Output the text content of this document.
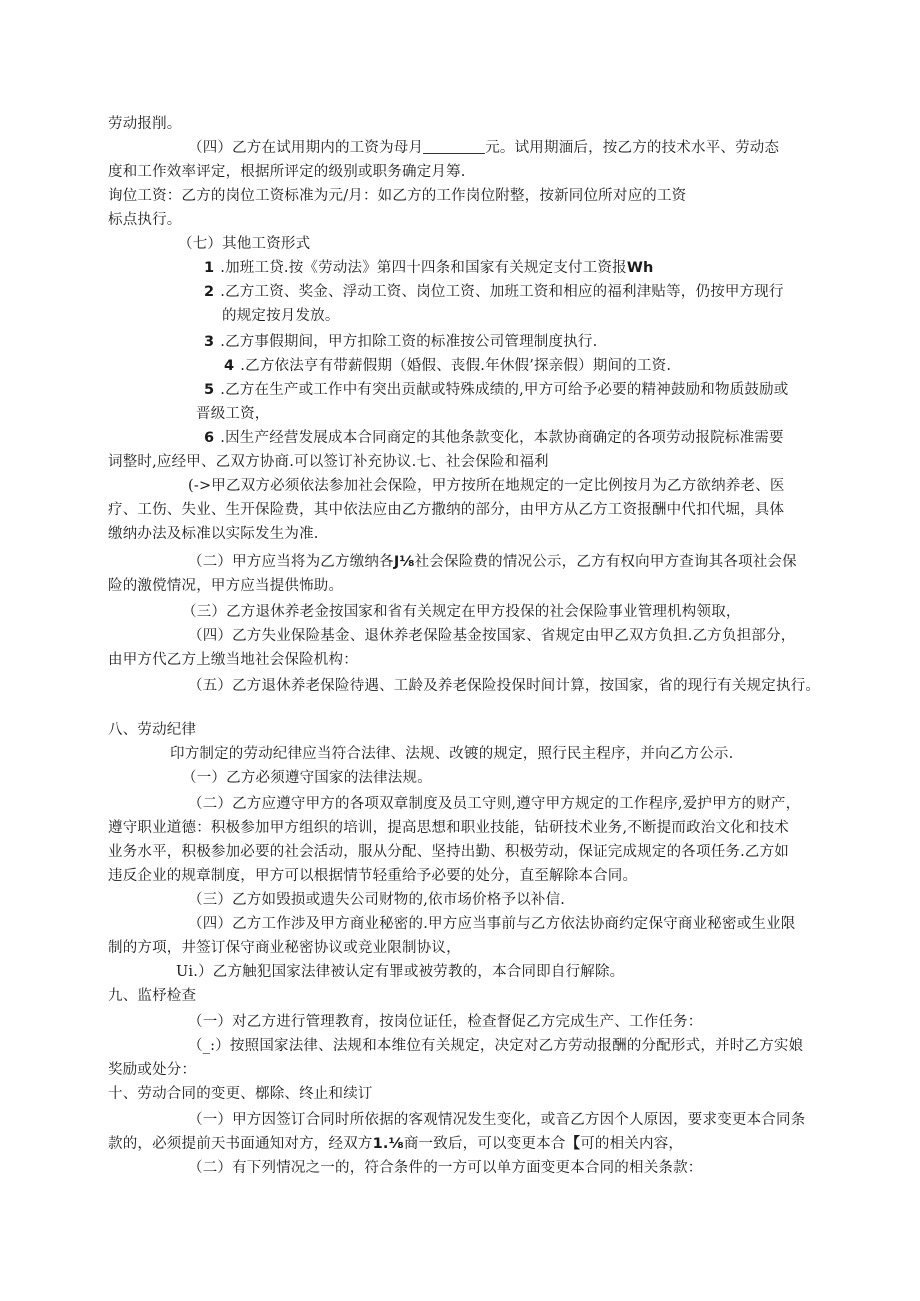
劳动报削。
（四）乙方在试用期内的工资为母月	元。试用期湎后，按乙方的技术水平、劳动态
度和工作效率评定，根据所评定的级别或职务确定月筹.
询位工资：乙方的岗位工资标准为元/月：如乙方的工作岗位附整，按新同位所对应的工资
标点执行。
（七）其他工资形式
1 .加班工贷.按《劳动法》第四十四条和国家有关规定支付工资报Wh
2 .乙方工资、奖金、浮动工资、岗位工资、加班工资和相应的福利津贴等，仍按甲方现行
的规定按月发放。
3 .乙方事假期间，甲方扣除工资的标准按公司管理制度执行.
4 .乙方依法亨有带薪假期（婚假、丧假.年休假’探亲假）期间的工资.
5 .乙方在生产或工作中有突出贡献或特殊成绩的,甲方可给予必要的精神鼓励和物质鼓励或
晋级工资，
6 .因生产经营发展成本合同商定的其他条款变化，本款协商确定的各项劳动报院标准需要
词整时,应经甲、乙双方协商.可以签订补充协议.七、社会保险和福利
(->甲乙双方必须依法参加社会保险，甲方按所在地规定的一定比例按月为乙方欲纳养老、医
疗、工伤、失业、生开保险费，其中依法应由乙方撒纳的部分，由甲方从乙方工资报酬中代扣代堀，具体
缴纳办法及标准以实际发生为准.
（二）甲方应当将为乙方缴纳各J⅛社会保险费的情况公示，乙方有权向甲方查询其各项社会保
险的激傥情况，甲方应当提供怖助。
（三）乙方退休养老金按国家和省有关规定在甲方投保的社会保险事业管理机构领取，
（四）乙方失业保险基金、退休养老保险基金按国家、省规定由甲乙双方负担.乙方负担部分，
由甲方代乙方上缴当地社会保险机构：
（五）乙方退休养老保险待遇、工龄及养老保险投保时间计算，按国家，省的现行有关规定执行。
八、劳动纪律
印方制定的劳动纪律应当符合法律、法规、改镀的规定，照行民主程序，并向乙方公示.
（一）乙方必须遵守国家的法律法规。
（二）乙方应遵守甲方的各项双章制度及员工守则,遵守甲方规定的工作程序,爱护甲方的财产，
遵守职业道德：积极参加甲方组织的培训，提高思想和职业技能，钻研技术业务,不断提而政治文化和技术
业务水平，积极参加必要的社会活动，服从分配、坚持出勤、积极劳动，保证完成规定的各项任务.乙方如
违反企业的规章制度，甲方可以根据情节轻重给予必要的处分，直至解除本合同。
（三）乙方如毁损或遗失公司财物的,依市场价格予以补信.
（四）乙方工作涉及甲方商业秘密的.甲方应当事前与乙方依法协商约定保守商业秘密或生业限
制的方项，井签订保守商业秘密协议或竞业限制协议，
Ui.）乙方触犯国家法律被认定有罪或被劳教的，本合同即自行解除。
九、监杼检查
（一）对乙方进行管理教育，按岗位证任，检查督促乙方完成生产、工作任务：
（_:）按照国家法律、法规和本维位有关规定，决定对乙方劳动报酬的分配形式，并时乙方实娘
奖励或处分：
十、劳动合同的变更、槨除、终止和续订
（一）甲方因签订合同时所依据的客观情况发生变化，或音乙方因个人原因，要求变更本合同条
款的，必须提前天书面通知对方，经双方1.⅛商一致后，可以变更本合【可的相关内容，
（二）有下列情况之一的，符合条件的一方可以单方面变更本合同的相关条款：
